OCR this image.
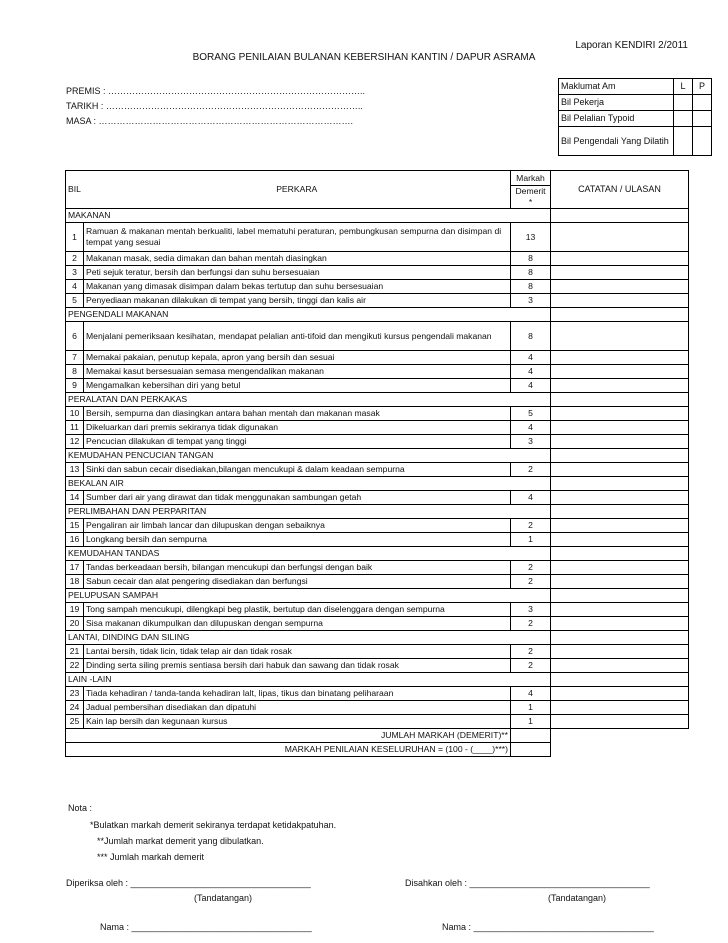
Laporan KENDIRI 2/2011
BORANG PENILAIAN BULANAN KEBERSIHAN KANTIN / DAPUR ASRAMA
PREMIS : …………………………………………………………………………..
TARIKH : …………………………………………………………………………..
MASA : ………………………………………………………………………….
Maklumat Am	L	P
Bil Pekerja		
Bil Pelalian Typoid		
Bil Pengendali Yang Dilatih		
BIL	PERKARA	Markah	CATATAN / ULASAN
		Demerit *	
MAKANAN			
1	Ramuan & makanan mentah berkualiti, label mematuhi peraturan, pembungkusan sempurna dan disimpan di tempat yang sesuai	13	
2	Makanan masak, sedia dimakan dan bahan mentah diasingkan	8	
3	Peti sejuk teratur, bersih dan berfungsi dan suhu bersesuaian	8	
4	Makanan yang dimasak disimpan dalam bekas tertutup dan suhu bersesuaian	8	
5	Penyediaan makanan dilakukan di tempat yang bersih, tinggi dan kalis air	3	
PENGENDALI MAKANAN			
6	Menjalani pemeriksaan kesihatan, mendapat pelalian anti-tifoid dan mengikuti kursus pengendali makanan	8	
7	Memakai pakaian, penutup kepala, apron yang bersih dan sesuai	4	
8	Memakai kasut bersesuaian semasa mengendalikan makanan	4	
9	Mengamalkan kebersihan diri yang betul	4	
PERALATAN DAN PERKAKAS			
10	Bersih, sempurna dan diasingkan antara bahan mentah dan makanan masak	5	
11	Dikeluarkan dari premis sekiranya tidak digunakan	4	
12	Pencucian dilakukan di tempat yang tinggi	3	
KEMUDAHAN PENCUCIAN TANGAN			
13	Sinki dan sabun cecair disediakan,bilangan mencukupi & dalam keadaan sempurna	2	
BEKALAN AIR			
14	Sumber dari air yang dirawat dan tidak menggunakan sambungan getah	4	
PERLIMBAHAN DAN PERPARITAN			
15	Pengaliran air limbah lancar dan dilupuskan dengan sebaiknya	2	
16	Longkang bersih dan sempurna	1	
KEMUDAHAN TANDAS			
17	Tandas berkeadaan bersih, bilangan mencukupi dan berfungsi dengan baik	2	
18	Sabun cecair dan alat pengering disediakan dan berfungsi	2	
PELUPUSAN SAMPAH			
19	Tong sampah mencukupi, dilengkapi beg plastik, bertutup dan diselenggara dengan sempurna	3	
20	Sisa makanan dikumpulkan dan dilupuskan dengan sempurna	2	
LANTAI, DINDING DAN SILING			
21	Lantai bersih, tidak licin, tidak telap air dan tidak rosak	2	
22	Dinding serta siling premis sentiasa bersih dari habuk dan sawang dan tidak rosak	2	
LAIN -LAIN			
23	Tiada kehadiran / tanda-tanda kehadiran lalt, lipas, tikus dan binatang peliharaan	4	
24	Jadual pembersihan disediakan dan dipatuhi	1	
25	Kain lap bersih dan kegunaan kursus	1	
JUMLAH MARKAH (DEMERIT)**			
MARKAH PENILAIAN KESELURUHAN = (100 - (____)***)			
Nota :
*Bulatkan markah demerit sekiranya terdapat ketidakpatuhan.
**Jumlah markat demerit yang dibulatkan.
*** Jumlah markah demerit
Diperiksa oleh : ____________________________________	Disahkan oleh : ____________________________________
(Tandatangan)	(Tandatangan)
Nama : ____________________________________	Nama : ____________________________________
